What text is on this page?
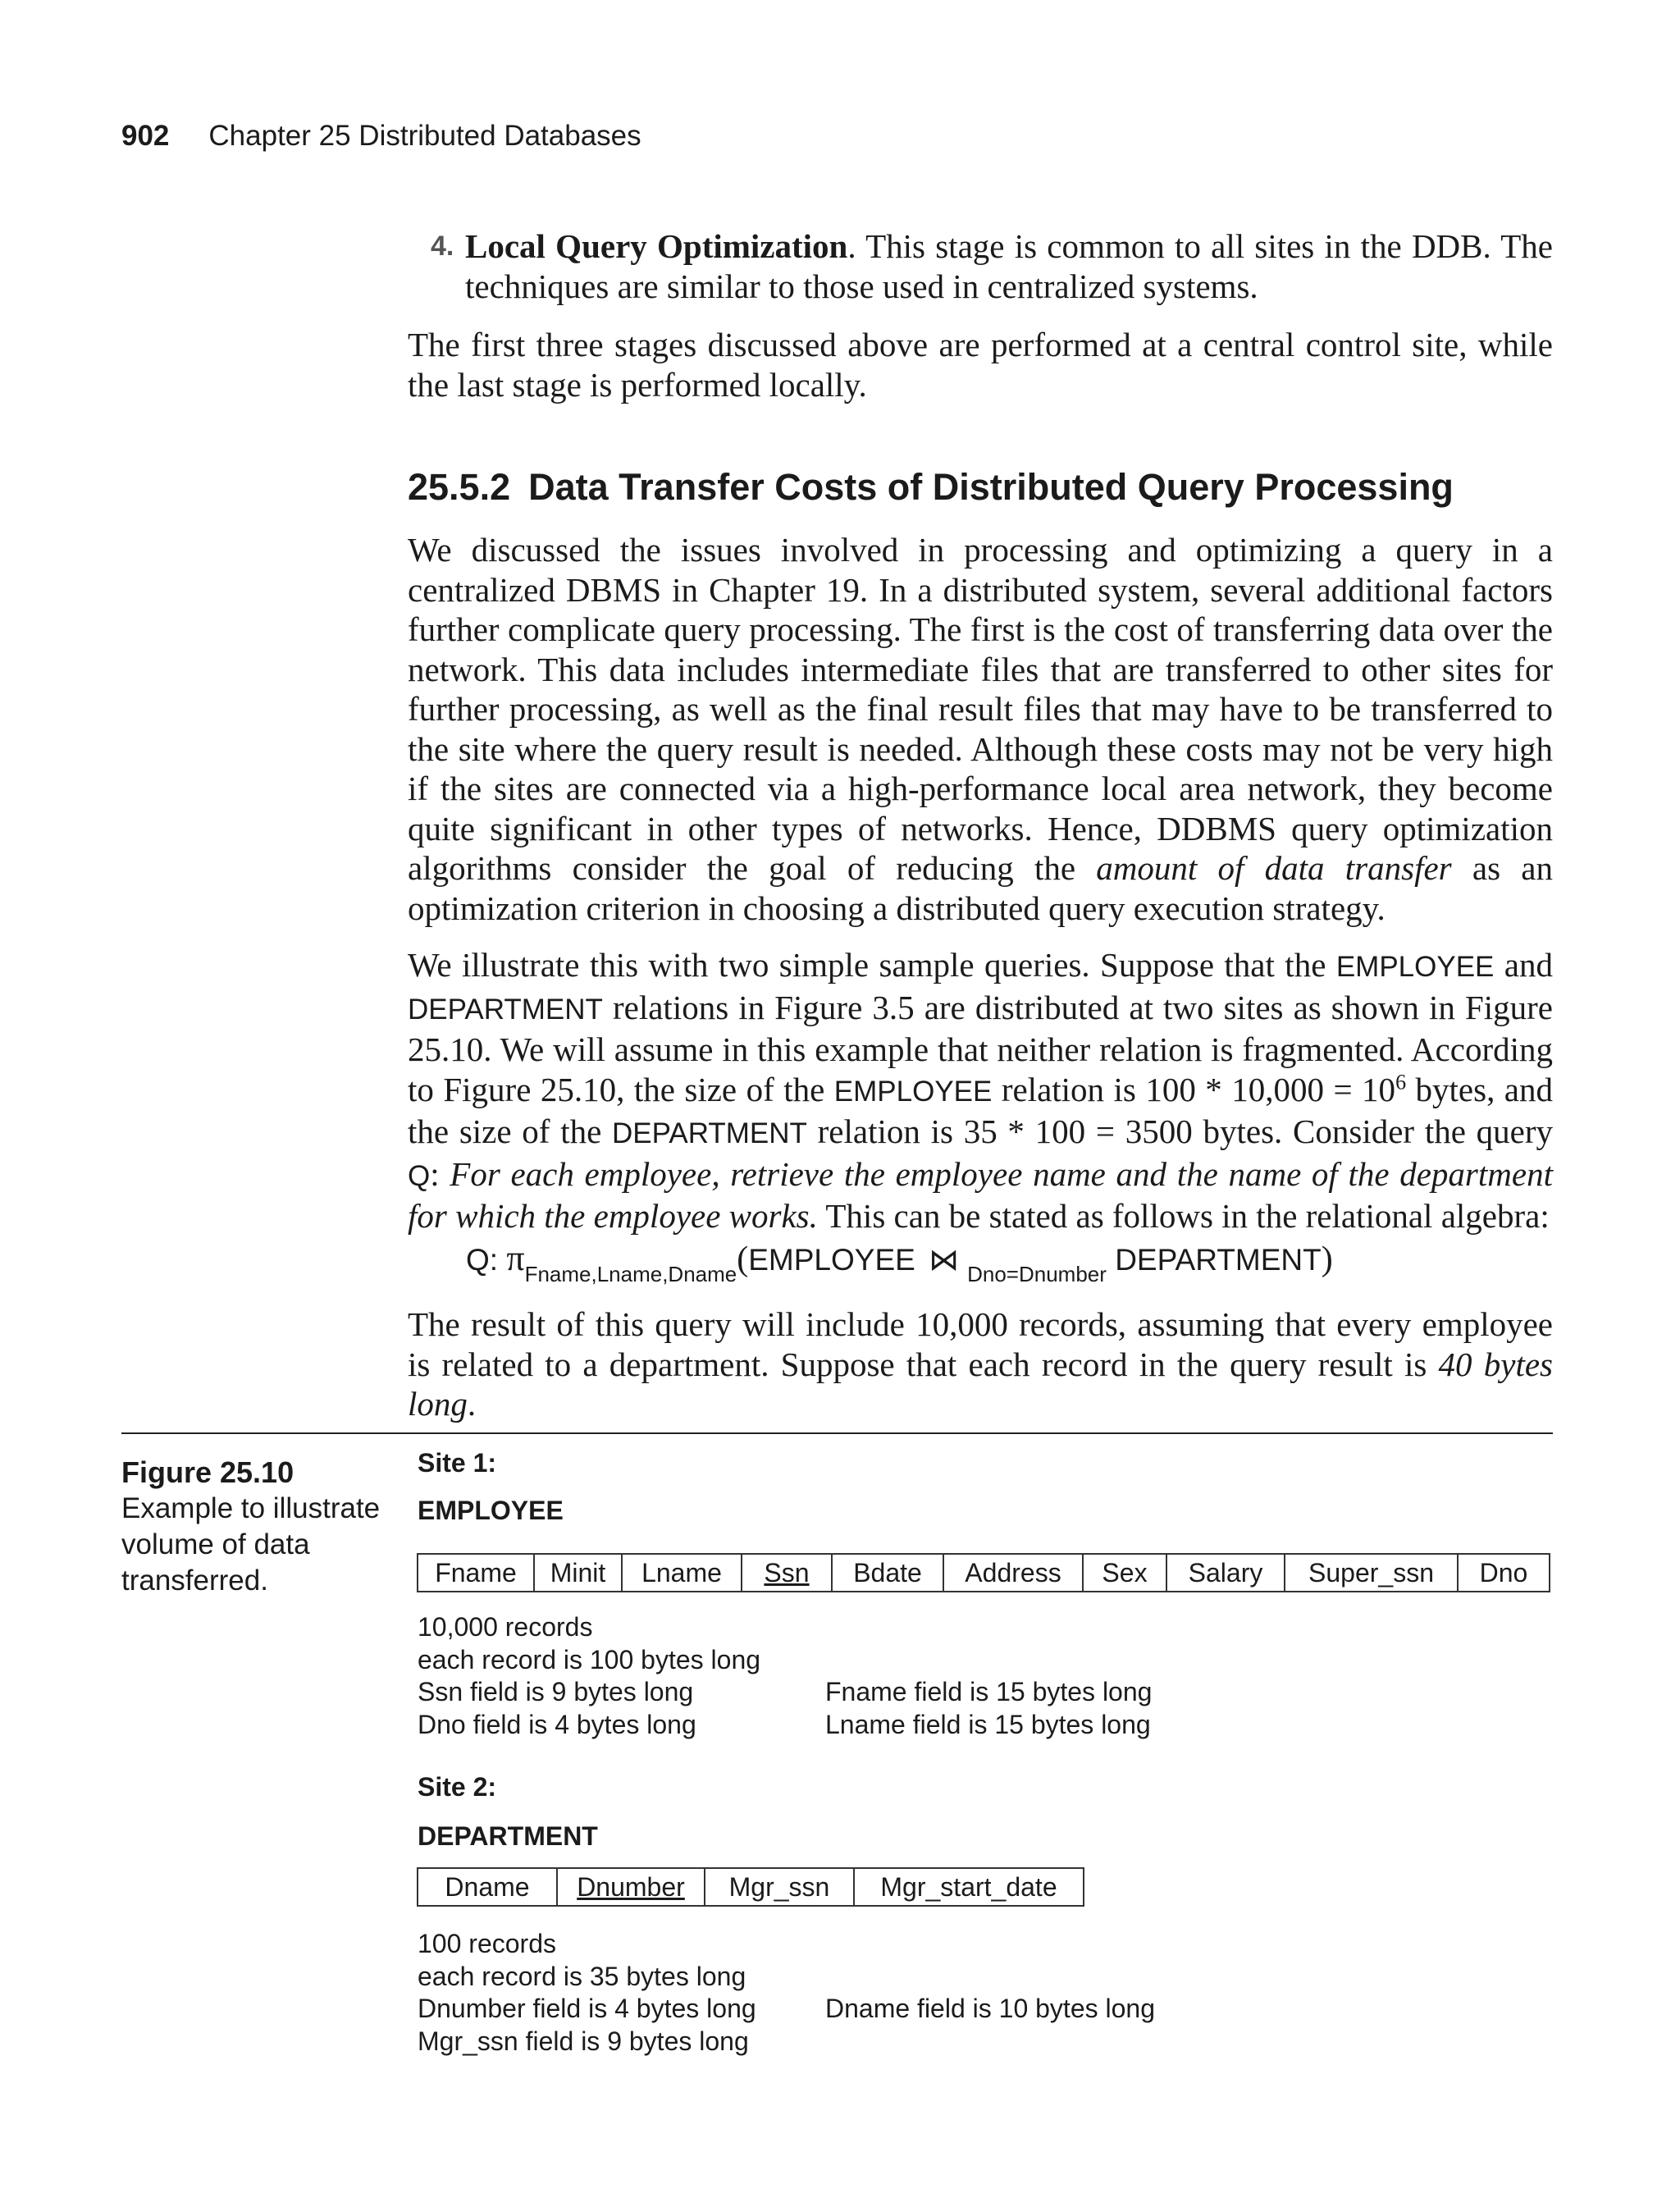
902 Chapter 25 Distributed Databases
4. Local Query Optimization. This stage is common to all sites in the DDB. The techniques are similar to those used in centralized systems.
The first three stages discussed above are performed at a central control site, while the last stage is performed locally.
25.5.2 Data Transfer Costs of Distributed Query Processing
We discussed the issues involved in processing and optimizing a query in a centralized DBMS in Chapter 19. In a distributed system, several additional factors further complicate query processing. The first is the cost of transferring data over the network. This data includes intermediate files that are transferred to other sites for further processing, as well as the final result files that may have to be transferred to the site where the query result is needed. Although these costs may not be very high if the sites are connected via a high-performance local area network, they become quite significant in other types of networks. Hence, DDBMS query optimization algorithms consider the goal of reducing the amount of data transfer as an optimization criterion in choosing a distributed query execution strategy.
We illustrate this with two simple sample queries. Suppose that the EMPLOYEE and DEPARTMENT relations in Figure 3.5 are distributed at two sites as shown in Figure 25.10. We will assume in this example that neither relation is fragmented. According to Figure 25.10, the size of the EMPLOYEE relation is $100 * 10,000 = 10^6$ bytes, and the size of the DEPARTMENT relation is 35 * 100 = 3500 bytes. Consider the query Q: For each employee, retrieve the employee name and the name of the department for which the employee works. This can be stated as follows in the relational algebra:
Q: $\pi_{Fname,Lname,Dname}(EMPLOYEE$ ⋈ $_{Dno=Dnumber}$ DEPARTMENT)
The result of this query will include 10,000 records, assuming that every employee is related to a department. Suppose that each record in the query result is 40 bytes long.
Figure 25.10
Example to illustrate volume of data transferred.
Site 1:
EMPLOYEE
Fname	Minit	Lname	Ssn	Bdate	Address	Sex	Salary	Super_ssn	Dno
10,000 records
each record is 100 bytes long
Ssn field is 9 bytes long
Dno field is 4 bytes long
Fname field is 15 bytes long
Lname field is 15 bytes long
Site 2:
DEPARTMENT
Dname	Dnumber	Mgr_ssn	Mgr_start_date
100 records
each record is 35 bytes long
Dnumber field is 4 bytes long
Mgr_ssn field is 9 bytes long
Dname field is 10 bytes long
